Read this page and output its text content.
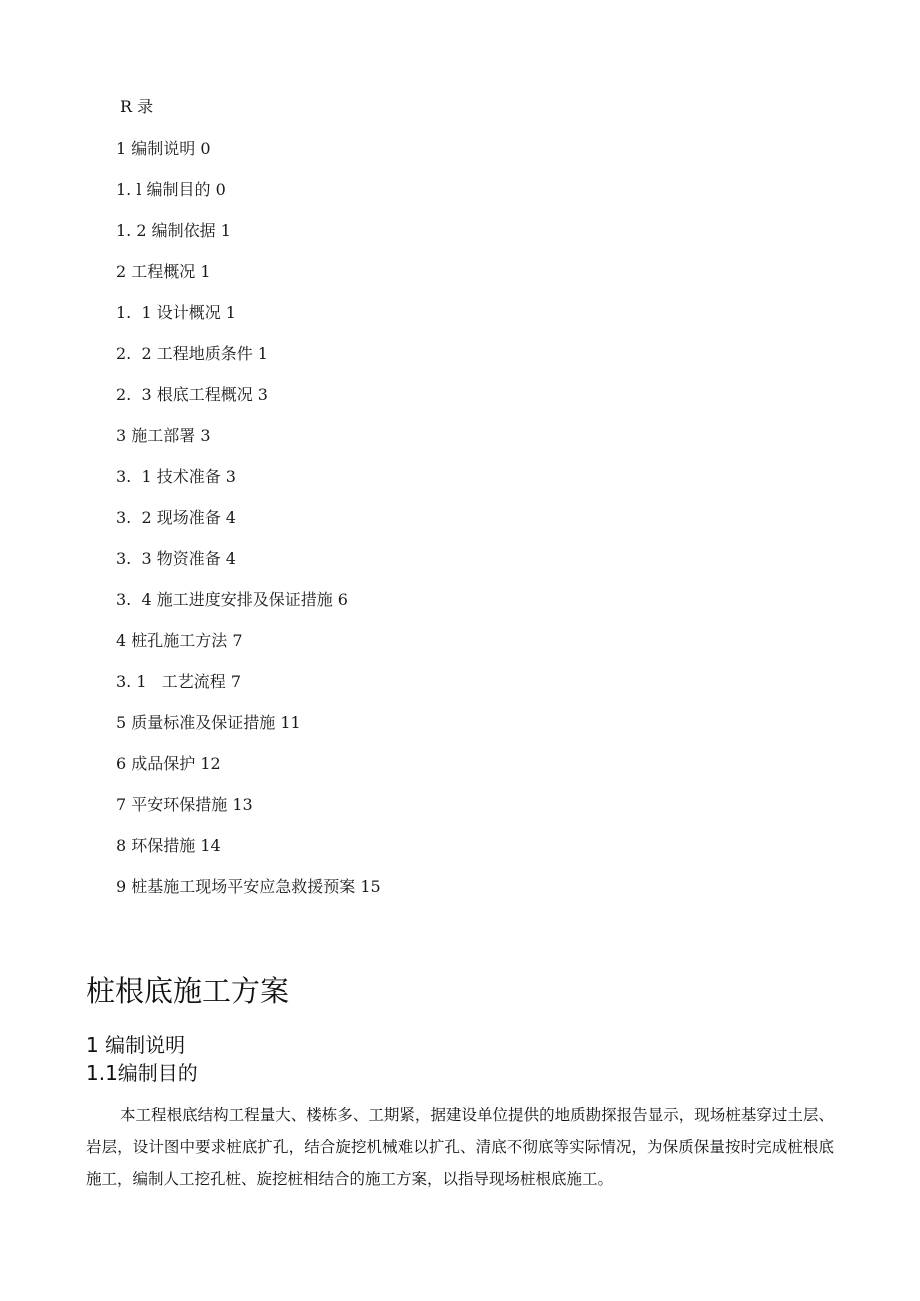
R 录
1 编制说明 0
1. l 编制目的 0
1. 2 编制依据 1
2 工程概况 1
1.  1 设计概况 1
2.  2 工程地质条件 1
2.  3 根底工程概况 3
3 施工部署 3
3.  1 技术准备 3
3.  2 现场准备 4
3.  3 物资准备 4
3.  4 施工进度安排及保证措施 6
4 桩孔施工方法 7
3. 1   工艺流程 7
5 质量标准及保证措施 11
6 成品保护 12
7 平安环保措施 13
8 环保措施 14
9 桩基施工现场平安应急救援预案 15
桩根底施工方案
1 编制说明
1.1编制目的

本工程根底结构工程量大、楼栋多、工期紧，据建设单位提供的地质勘探报告显示，现场桩基穿过土层、岩层，设计图中要求桩底扩孔，结合旋挖机械难以扩孔、清底不彻底等实际情况，为保质保量按时完成桩根底施工，编制人工挖孔桩、旋挖桩相结合的施工方案，以指导现场桩根底施工。
